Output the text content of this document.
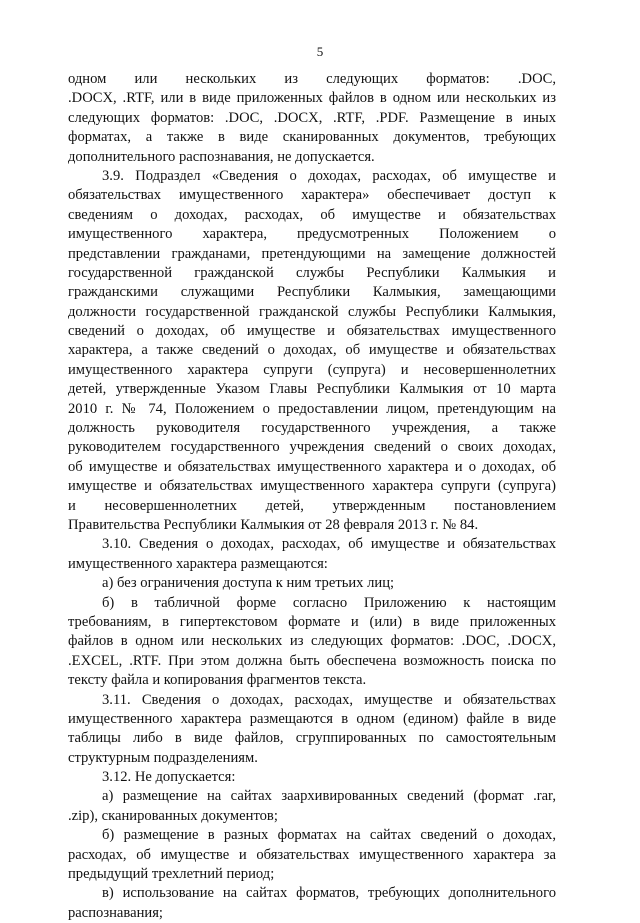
5
одном или нескольких из следующих форматов: .DOC,
.DOCX, .RTF, или в виде приложенных файлов в одном или нескольких из
следующих форматов: .DOC, .DOCX, .RTF, .PDF. Размещение в иных
форматах, а также в виде сканированных документов, требующих
дополнительного распознавания, не допускается.
3.9. Подраздел «Сведения о доходах, расходах, об имуществе и
обязательствах имущественного характера» обеспечивает доступ к
сведениям о доходах, расходах, об имуществе и обязательствах
имущественного характера, предусмотренных Положением о
представлении гражданами, претендующими на замещение должностей
государственной гражданской службы Республики Калмыкия и
гражданскими служащими Республики Калмыкия, замещающими
должности государственной гражданской службы Республики Калмыкия,
сведений о доходах, об имуществе и обязательствах имущественного
характера, а также сведений о доходах, об имуществе и обязательствах
имущественного характера супруги (супруга) и несовершеннолетних
детей, утвержденные Указом Главы Республики Калмыкия от 10 марта
2010 г. № 74, Положением о предоставлении лицом, претендующим на
должность руководителя государственного учреждения, а также
руководителем государственного учреждения сведений о своих доходах,
об имуществе и обязательствах имущественного характера и о доходах, об
имуществе и обязательствах имущественного характера супруги (супруга)
и несовершеннолетних детей, утвержденным постановлением
Правительства Республики Калмыкия от 28 февраля 2013 г. № 84.
3.10. Сведения о доходах, расходах, об имуществе и обязательствах
имущественного характера размещаются:
а) без ограничения доступа к ним третьих лиц;
б) в табличной форме согласно Приложению к настоящим
требованиям, в гипертекстовом формате и (или) в виде приложенных
файлов в одном или нескольких из следующих форматов: .DOC, .DOCX,
.EXCEL, .RTF. При этом должна быть обеспечена возможность поиска по
тексту файла и копирования фрагментов текста.
3.11. Сведения о доходах, расходах, имуществе и обязательствах
имущественного характера размещаются в одном (едином) файле в виде
таблицы либо в виде файлов, сгруппированных по самостоятельным
структурным подразделениям.
3.12. Не допускается:
а) размещение на сайтах заархивированных сведений (формат .rar,
.zip), сканированных документов;
б) размещение в разных форматах на сайтах сведений о доходах,
расходах, об имуществе и обязательствах имущественного характера за
предыдущий трехлетний период;
в) использование на сайтах форматов, требующих дополнительного
распознавания;
